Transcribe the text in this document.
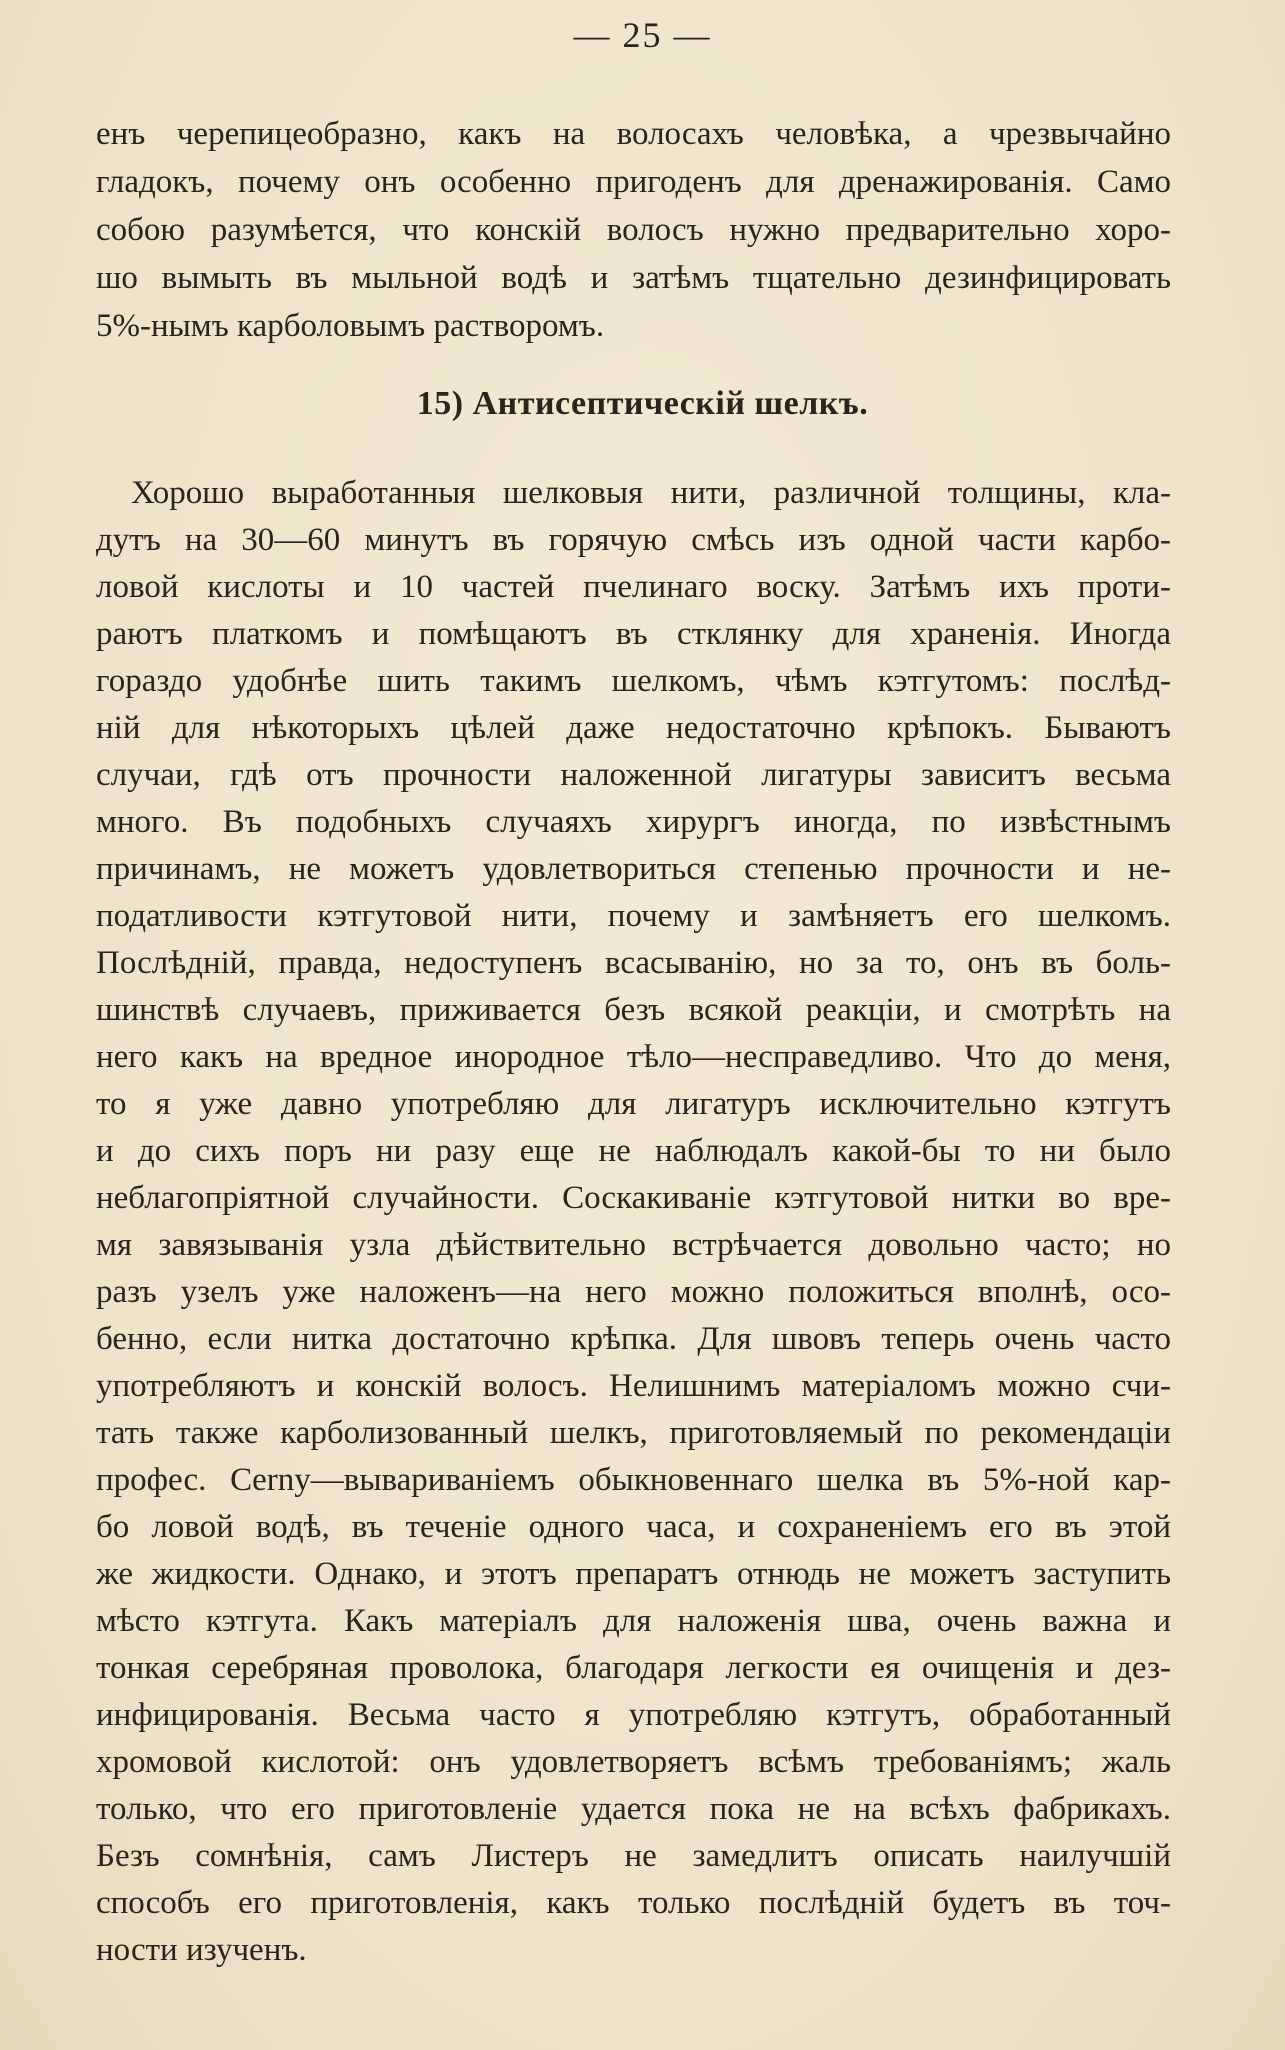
— 25 —
енъ черепицеобразно, какъ на волосахъ человѣка, а чрезвычайно
гладокъ, почему онъ особенно пригоденъ для дренажированія. Само
собою разумѣется, что конскій волосъ нужно предварительно хоро-
шо вымыть въ мыльной водѣ и затѣмъ тщательно дезинфицировать
5%-нымъ карболовымъ растворомъ.
15) Антисептическій шелкъ.
Хорошо выработанныя шелковыя нити, различной толщины, кла-
дутъ на 30—60 минутъ въ горячую смѣсь изъ одной части карбо-
ловой кислоты и 10 частей пчелинаго воску. Затѣмъ ихъ проти-
раютъ платкомъ и помѣщаютъ въ стклянку для храненія. Иногда
гораздо удобнѣе шить такимъ шелкомъ, чѣмъ кэтгутомъ: послѣд-
ній для нѣкоторыхъ цѣлей даже недостаточно крѣпокъ. Бываютъ
случаи, гдѣ отъ прочности наложенной лигатуры зависитъ весьма
много. Въ подобныхъ случаяхъ хирургъ иногда, по извѣстнымъ
причинамъ, не можетъ удовлетвориться степенью прочности и не-
податливости кэтгутовой нити, почему и замѣняетъ его шелкомъ.
Послѣдній, правда, недоступенъ всасыванію, но за то, онъ въ боль-
шинствѣ случаевъ, приживается безъ всякой реакціи, и смотрѣть на
него какъ на вредное инородное тѣло—несправедливо. Что до меня,
то я уже давно употребляю для лигатуръ исключительно кэтгутъ
и до сихъ поръ ни разу еще не наблюдалъ какой-бы то ни было
неблагопріятной случайности. Соскакиваніе кэтгутовой нитки во вре-
мя завязыванія узла дѣйствительно встрѣчается довольно часто; но
разъ узелъ уже наложенъ—на него можно положиться вполнѣ, осо-
бенно, если нитка достаточно крѣпка. Для швовъ теперь очень часто
употребляютъ и конскій волосъ. Нелишнимъ матеріаломъ можно счи-
тать также карболизованный шелкъ, приготовляемый по рекомендаціи
профес. Cerny—вывариваніемъ обыкновеннаго шелка въ 5%-ной кар-
бо ловой водѣ, въ теченіе одного часа, и сохраненіемъ его въ этой
же жидкости. Однако, и этотъ препаратъ отнюдь не можетъ заступить
мѣсто кэтгута. Какъ матеріалъ для наложенія шва, очень важна и
тонкая серебряная проволока, благодаря легкости ея очищенія и дез-
инфицированія. Весьма часто я употребляю кэтгутъ, обработанный
хромовой кислотой: онъ удовлетворяетъ всѣмъ требованіямъ; жаль
только, что его приготовленіе удается пока не на всѣхъ фабрикахъ.
Безъ сомнѣнія, самъ Листеръ не замедлитъ описать наилучшій
способъ его приготовленія, какъ только послѣдній будетъ въ точ-
ности изученъ.
